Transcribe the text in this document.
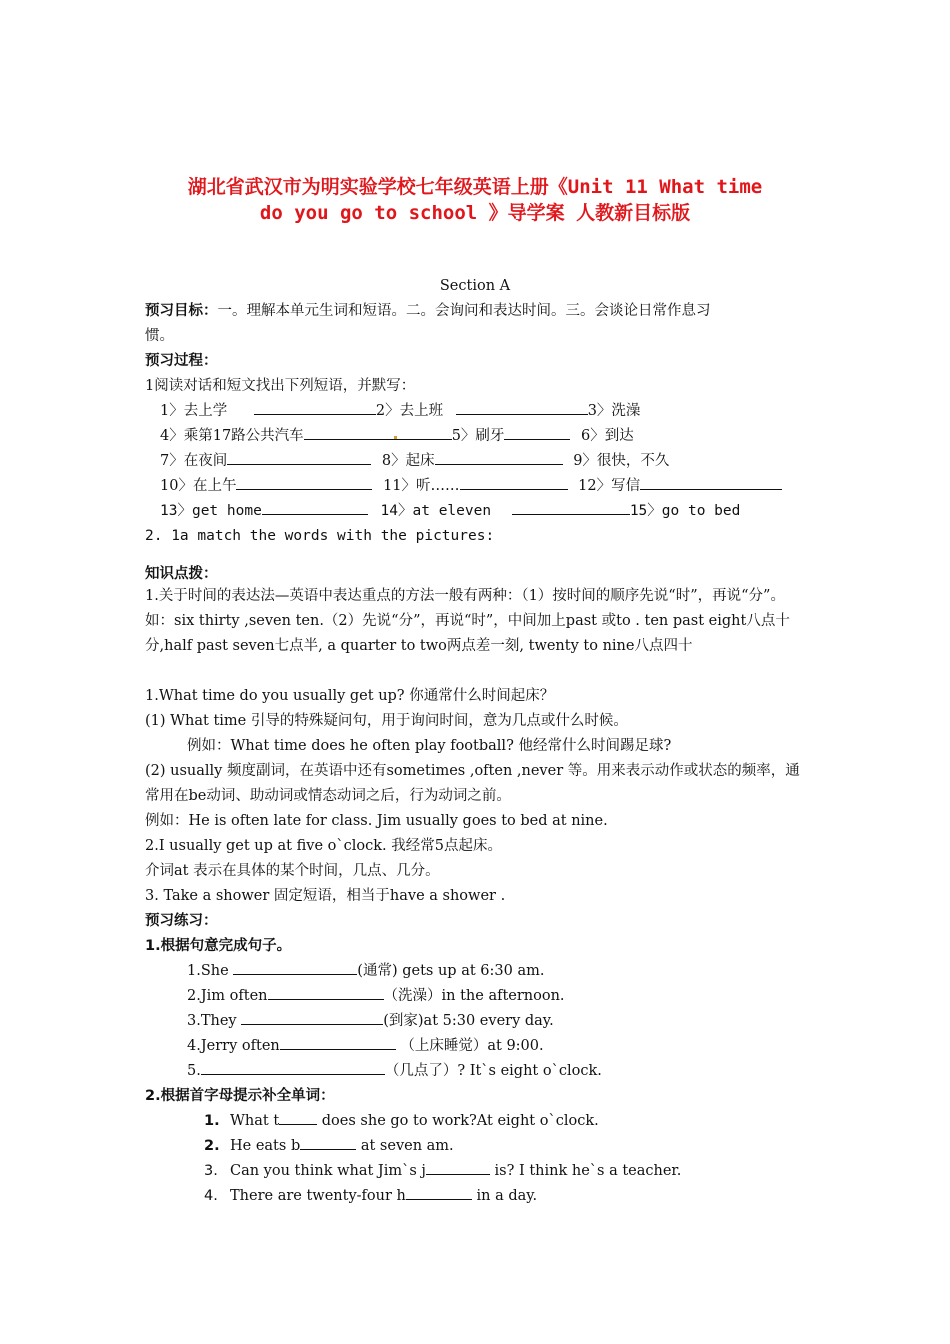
湖北省武汉市为明实验学校七年级英语上册《Unit 11 What time
do you go to school 》导学案 人教新目标版
Section A
预习目标：一。理解本单元生词和短语。二。会询问和表达时间。三。会谈论日常作息习
惯。
预习过程：
1阅读对话和短文找出下列短语，并默写：
1〉去上学	2〉去上班	3〉洗澡
4〉乘第17路公共汽车	5〉刷牙	6〉到达
7〉在夜间	8〉起床	9〉很快，不久
10〉在上午	11〉听……	12〉写信
13〉get home	14〉at eleven	15〉go to bed
2. 1a match the words with the pictures:
知识点拨：
1.关于时间的表达法—英语中表达重点的方法一般有两种：（1）按时间的顺序先说“时”，再说“分”。如：six thirty ,seven ten.（2）先说“分”，再说“时”，中间加上past 或to . ten past eight八点十分,half past seven七点半, a quarter to two两点差一刻, twenty to nine八点四十
1.What time do you usually get up? 你通常什么时间起床？
(1) What time 引导的特殊疑问句，用于询问时间，意为几点或什么时候。
例如：What time does he often play football? 他经常什么时间踢足球?
(2) usually 频度副词，在英语中还有sometimes ,often ,never 等。用来表示动作或状态的频率，通常用在be动词、助动词或情态动词之后，行为动词之前。
例如：He is often late for class. Jim usually goes to bed at nine.
2.I usually get up at five o`clock. 我经常5点起床。
介词at 表示在具体的某个时间，几点、几分。
3. Take a shower 固定短语，相当于have a shower .
预习练习：
1.根据句意完成句子。
1.She	(通常) gets up at 6:30 am.
2.Jim often	（洗澡）in the afternoon.
3.They	(到家)at 5:30 every day.
4.Jerry often	（上床睡觉）at 9:00.
5.	（几点了）? It`s eight o`clock.
2.根据首字母提示补全单词：
1. What t	does she go to work?At eight o`clock.
2. He eats b	at seven am.
3. Can you think what Jim`s j	is? I think he`s a teacher.
4. There are twenty-four h	in a day.
